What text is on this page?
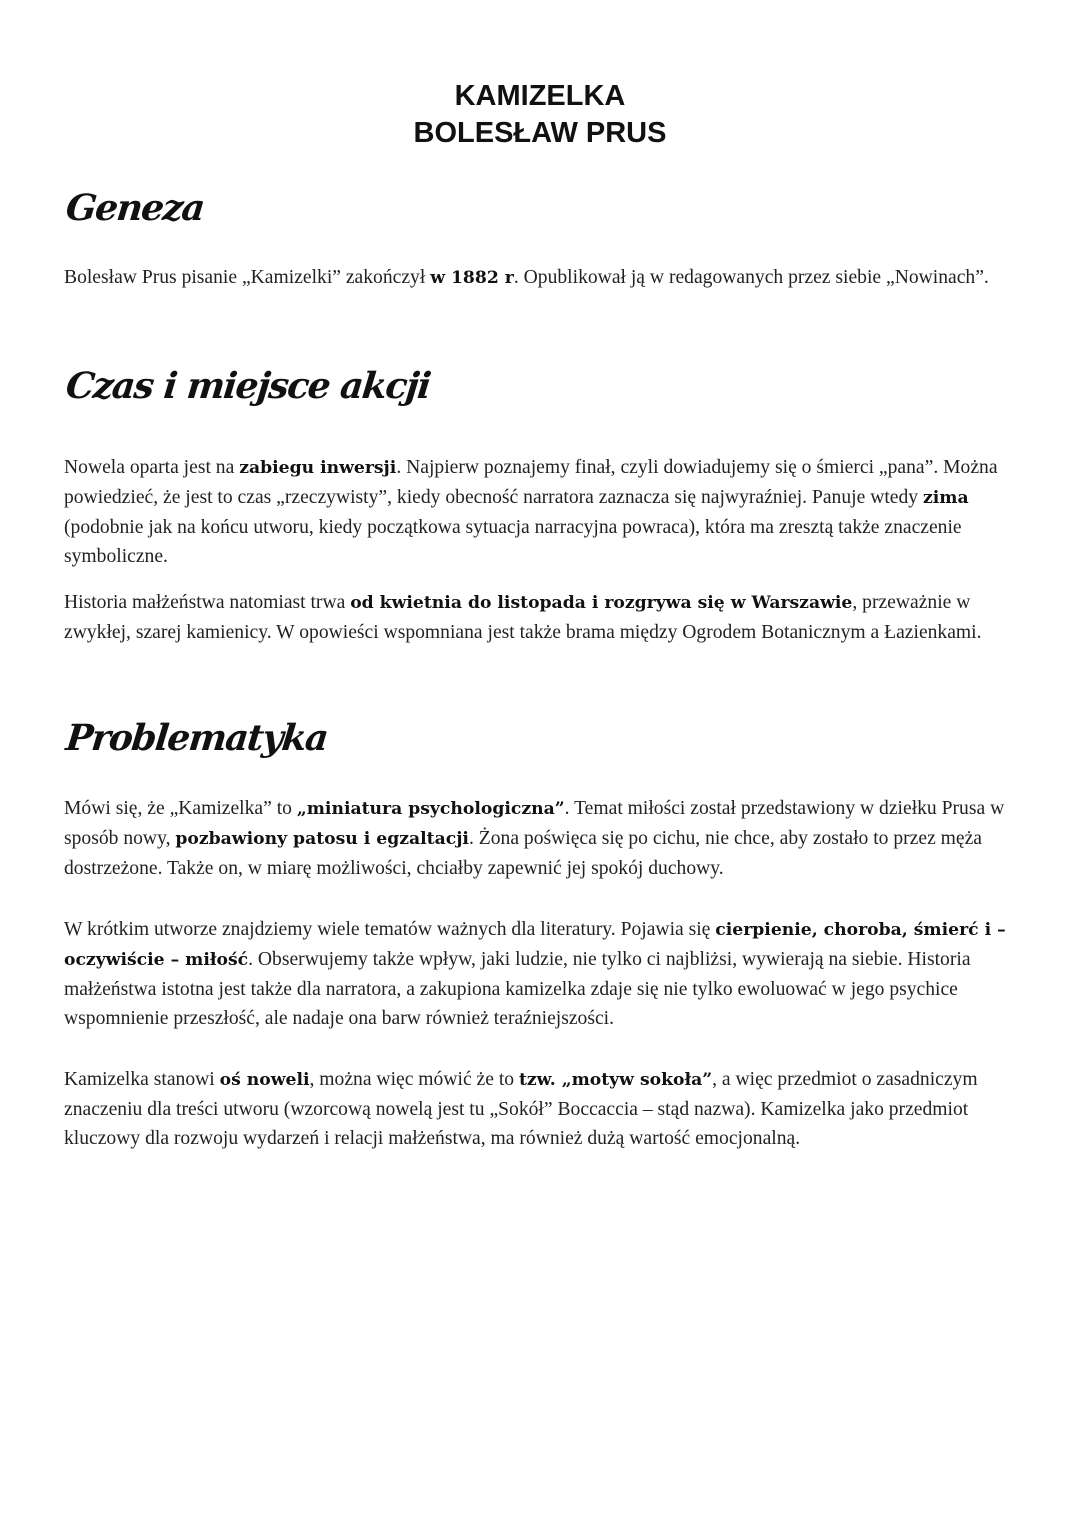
KAMIZELKA
BOLESŁAW PRUS
Geneza

Bolesław Prus pisanie „Kamizelki” zakończył w 1882 r. Opublikował ją w redagowanych przez siebie „Nowinach”.

Czas i miejsce akcji

Nowela oparta jest na zabiegu inwersji. Najpierw poznajemy finał, czyli dowiadujemy się o śmierci „pana”. Można powiedzieć, że jest to czas „rzeczywisty”, kiedy obecność narratora zaznacza się najwyraźniej. Panuje wtedy zima (podobnie jak na końcu utworu, kiedy początkowa sytuacja narracyjna powraca), która ma zresztą także znaczenie symboliczne.

Historia małżeństwa natomiast trwa od kwietnia do listopada i rozgrywa się w Warszawie, przeważnie w zwykłej, szarej kamienicy. W opowieści wspomniana jest także brama między Ogrodem Botanicznym a Łazienkami.

Problematyka

Mówi się, że „Kamizelka” to „miniatura psychologiczna”. Temat miłości został przedstawiony w dziełku Prusa w sposób nowy, pozbawiony patosu i egzaltacji. Żona poświęca się po cichu, nie chce, aby zostało to przez męża dostrzeżone. Także on, w miarę możliwości, chciałby zapewnić jej spokój duchowy.

W krótkim utworze znajdziemy wiele tematów ważnych dla literatury. Pojawia się cierpienie, choroba, śmierć i – oczywiście – miłość. Obserwujemy także wpływ, jaki ludzie, nie tylko ci najbliżsi, wywierają na siebie. Historia małżeństwa istotna jest także dla narratora, a zakupiona kamizelka zdaje się nie tylko ewoluować w jego psychice wspomnienie przeszłość, ale nadaje ona barw również teraźniejszości.

Kamizelka stanowi oś noweli, można więc mówić że to tzw. „motyw sokoła”, a więc przedmiot o zasadniczym znaczeniu dla treści utworu (wzorcową nowelą jest tu „Sokół” Boccaccia – stąd nazwa). Kamizelka jako przedmiot kluczowy dla rozwoju wydarzeń i relacji małżeństwa, ma również dużą wartość emocjonalną.
